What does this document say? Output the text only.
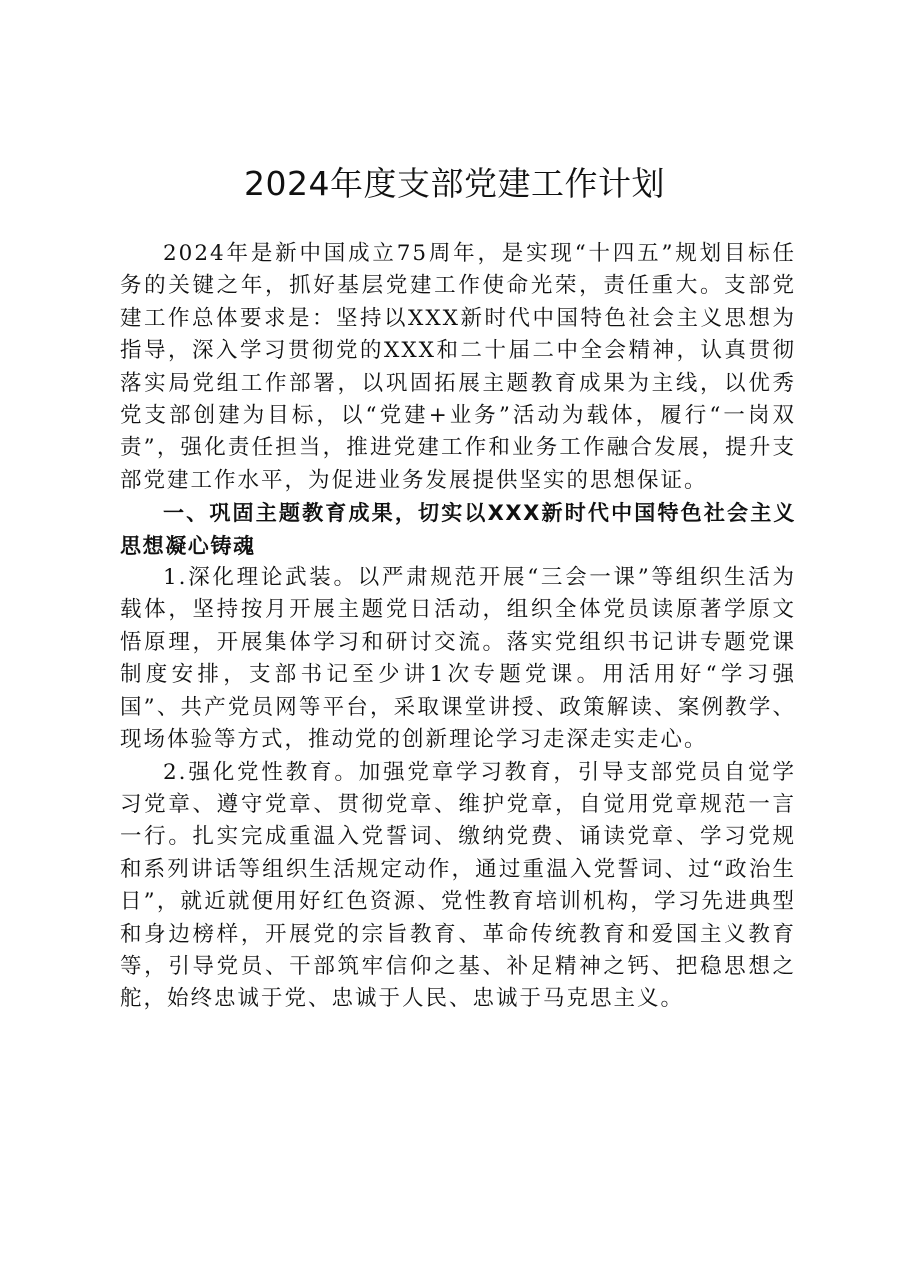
2024年度支部党建工作计划

2024年是新中国成立75周年，是实现“十四五”规划目标任务的关键之年，抓好基层党建工作使命光荣，责任重大。支部党建工作总体要求是：坚持以XXX新时代中国特色社会主义思想为指导，深入学习贯彻党的XXX和二十届二中全会精神，认真贯彻落实局党组工作部署，以巩固拓展主题教育成果为主线，以优秀党支部创建为目标，以“党建+业务”活动为载体，履行“一岗双责”，强化责任担当，推进党建工作和业务工作融合发展，提升支部党建工作水平，为促进业务发展提供坚实的思想保证。

一、巩固主题教育成果，切实以XXX新时代中国特色社会主义思想凝心铸魂

1.深化理论武装。以严肃规范开展“三会一课”等组织生活为载体，坚持按月开展主题党日活动，组织全体党员读原著学原文悟原理，开展集体学习和研讨交流。落实党组织书记讲专题党课制度安排，支部书记至少讲1次专题党课。用活用好“学习强国”、共产党员网等平台，采取课堂讲授、政策解读、案例教学、现场体验等方式，推动党的创新理论学习走深走实走心。

2.强化党性教育。加强党章学习教育，引导支部党员自觉学习党章、遵守党章、贯彻党章、维护党章，自觉用党章规范一言一行。扎实完成重温入党誓词、缴纳党费、诵读党章、学习党规和系列讲话等组织生活规定动作，通过重温入党誓词、过“政治生日”，就近就便用好红色资源、党性教育培训机构，学习先进典型和身边榜样，开展党的宗旨教育、革命传统教育和爱国主义教育等，引导党员、干部筑牢信仰之基、补足精神之钙、把稳思想之舵，始终忠诚于党、忠诚于人民、忠诚于马克思主义。
